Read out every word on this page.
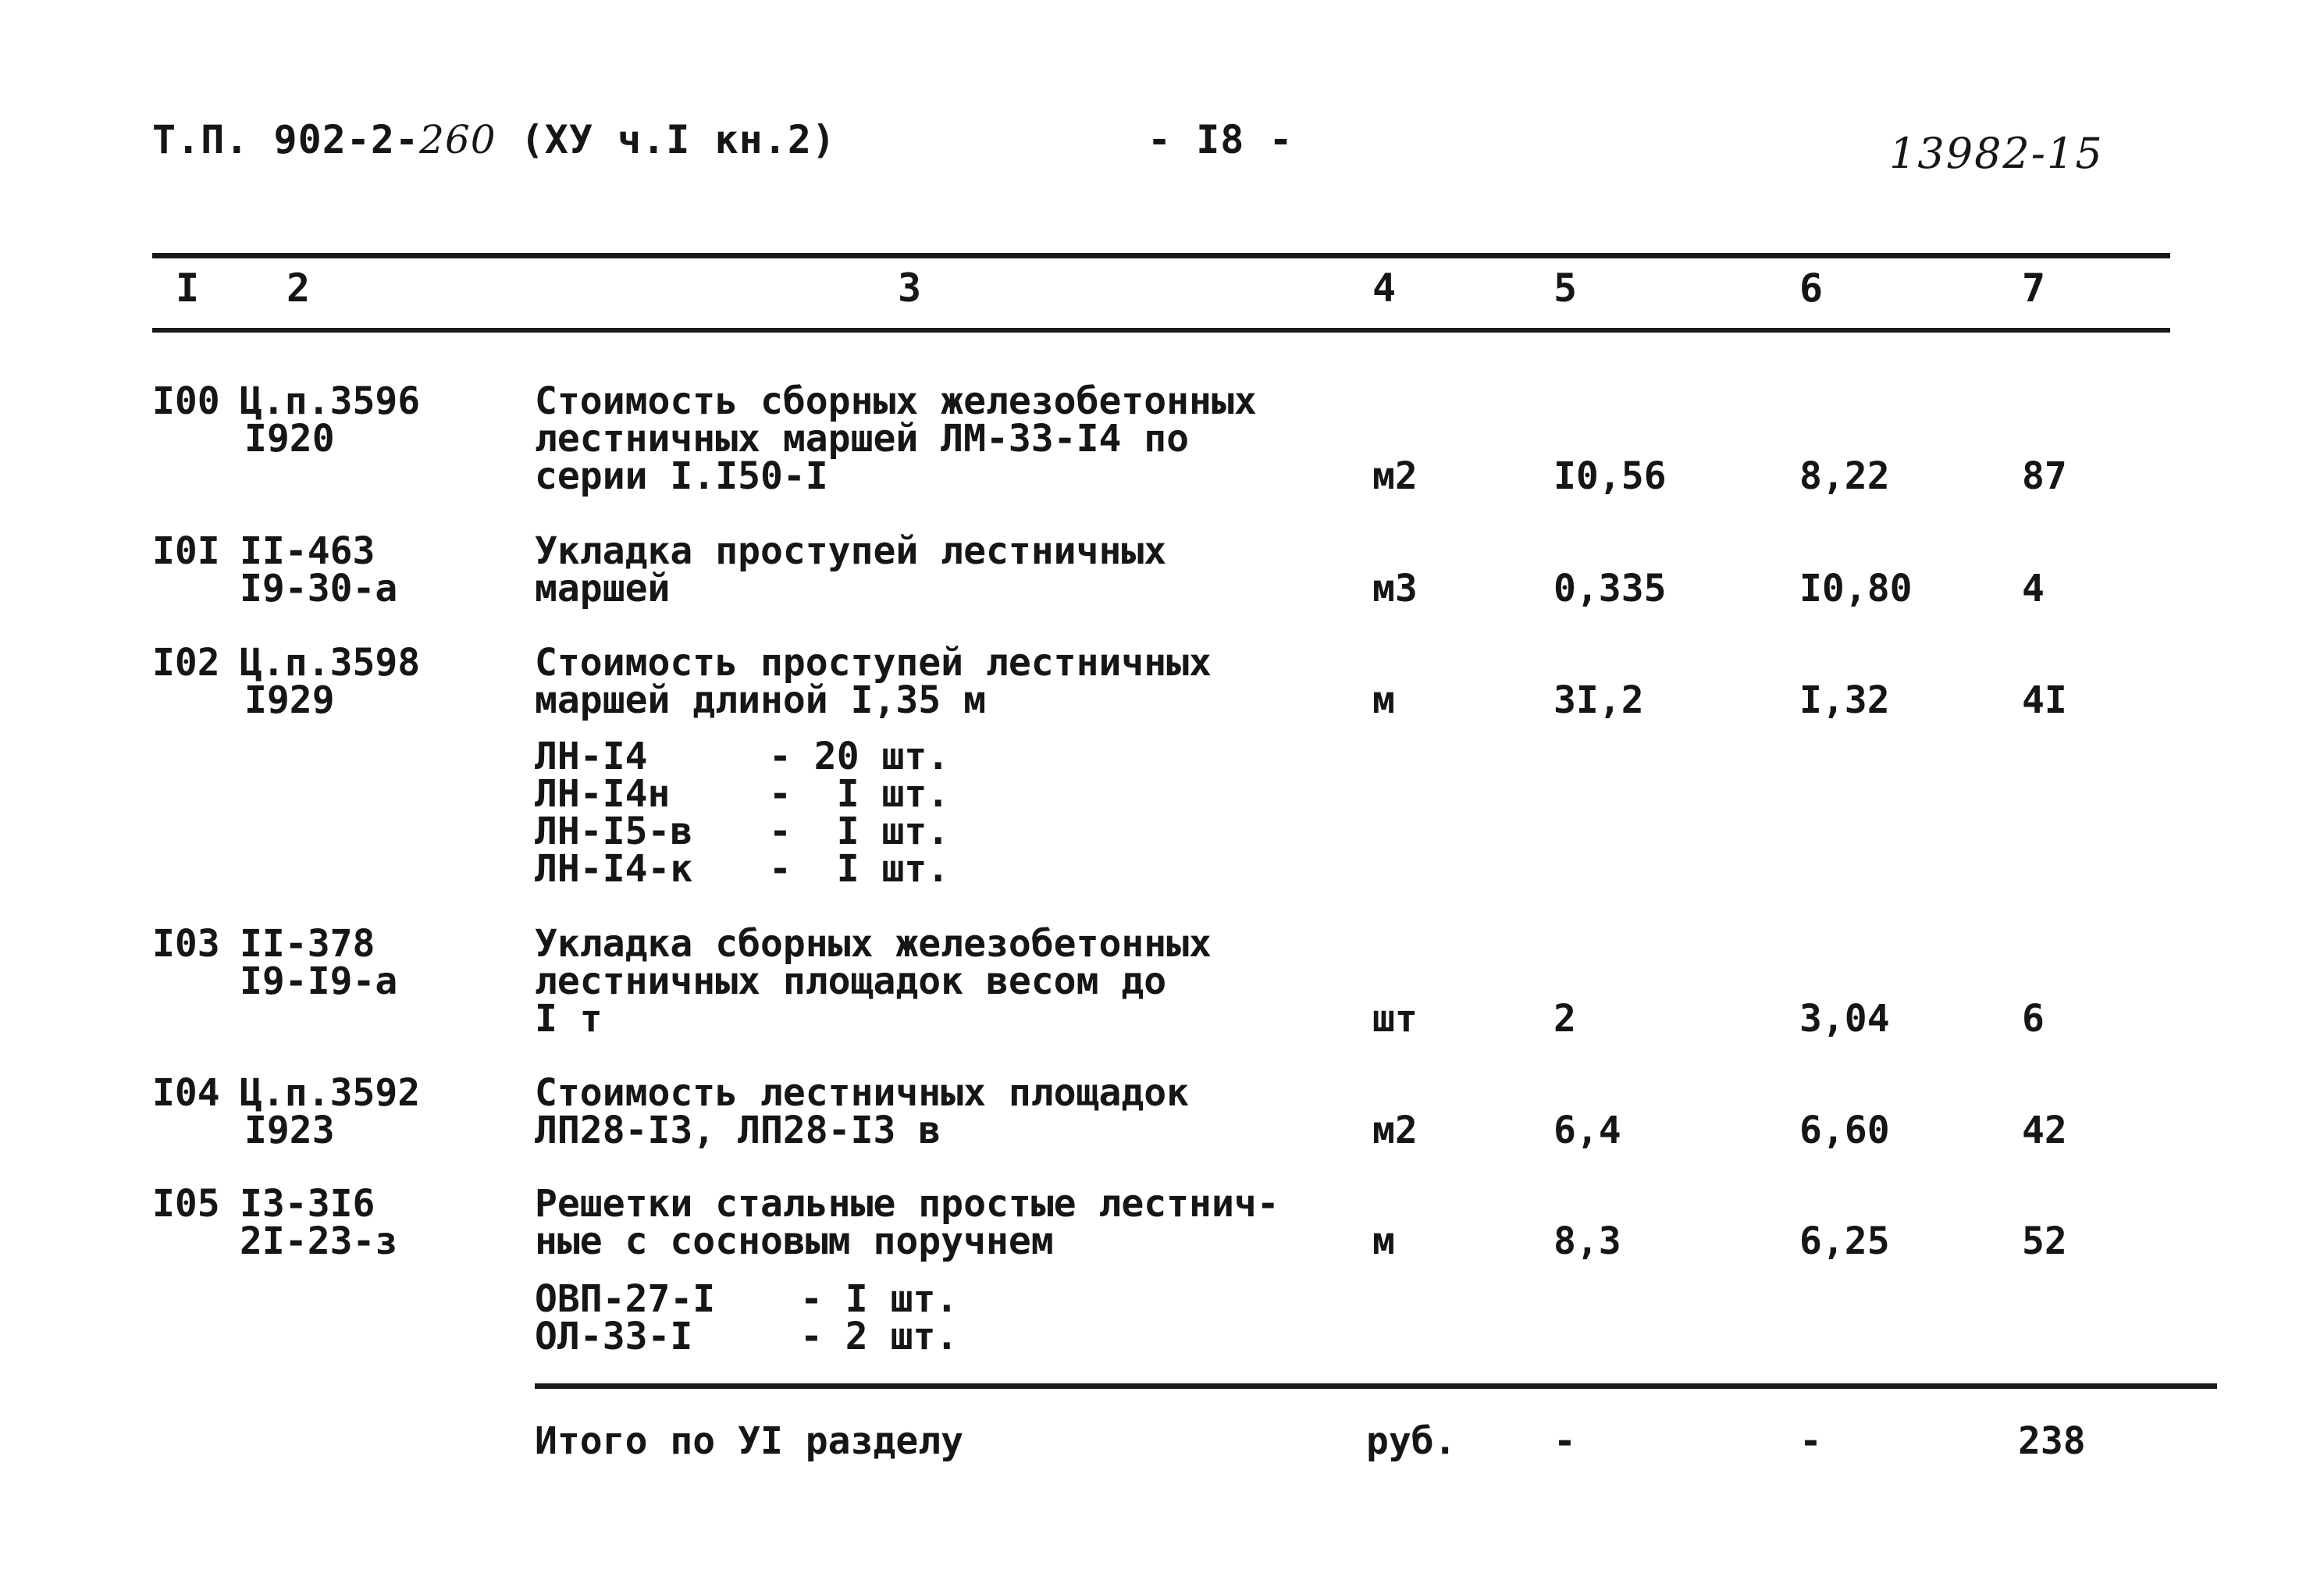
Т.П. 902-2-260 (ХУ ч.I кн.2)	- I8 -	13982-15
I 2	3	4	5	6	7
I00 Ц.п.3596
I920
Стоимость сборных железобетонных
лестничных маршей ЛМ-33-I4 по
серии I.I50-I	м2	I0,56	8,22	87
I0I II-463
I9-30-а
Укладка проступей лестничных
маршей	м3	0,335	I0,80	4
I02 Ц.п.3598
I929
Стоимость проступей лестничных
маршей длиной I,35 м	м	3I,2	I,32	4I
ЛН-I4	- 20 шт.
ЛН-I4н	-  I шт.
ЛН-I5-в	-  I шт.
ЛН-I4-к	-  I шт.
I03 II-378
I9-I9-а
Укладка сборных железобетонных
лестничных площадок весом до
I т	шт	2	3,04	6
I04 Ц.п.3592
I923
Стоимость лестничных площадок
ЛП28-I3, ЛП28-I3 в	м2	6,4	6,60	42
I05 I3-3I6
2I-23-з
Решетки стальные простые лестнич-
ные с сосновым поручнем	м	8,3	6,25	52
ОВП-27-I	- I шт.
ОЛ-33-I	- 2 шт.
Итого по УI разделу	руб.	-	-	238
